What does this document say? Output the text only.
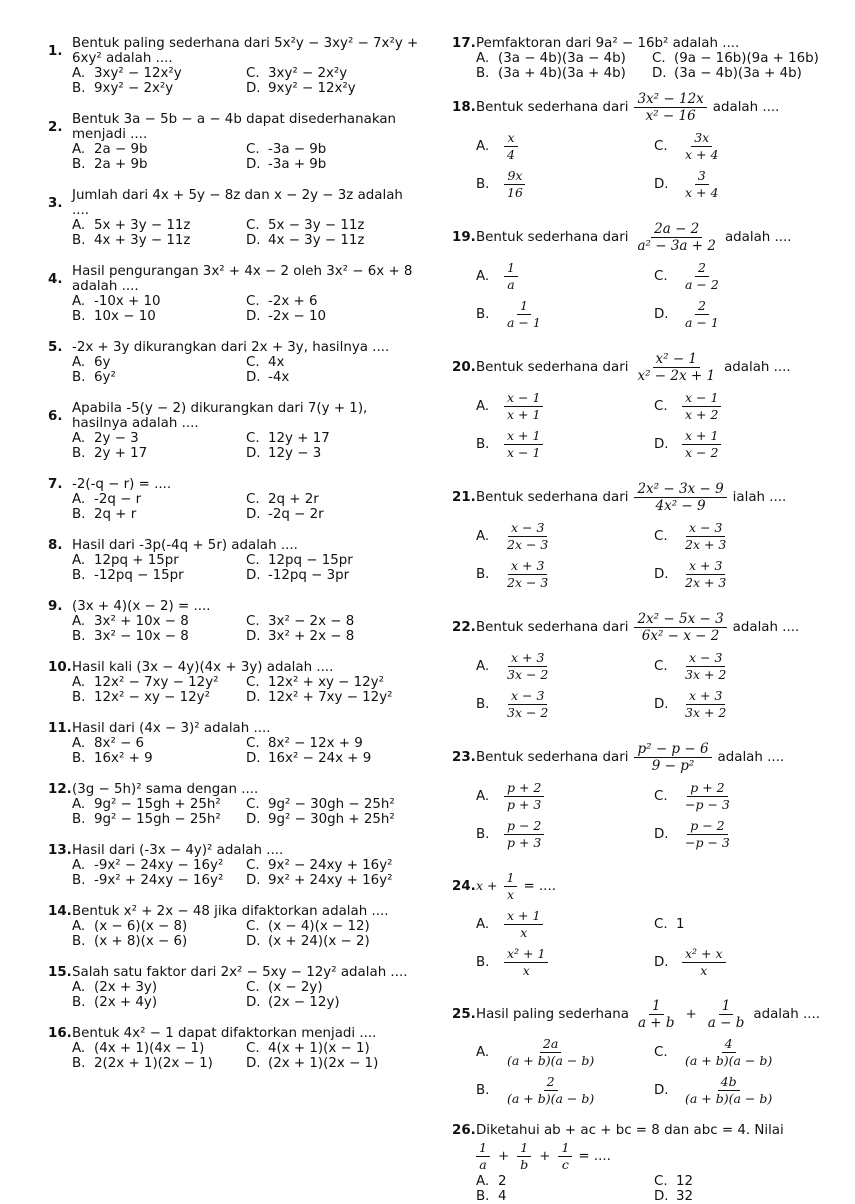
1. Bentuk paling sederhana dari 5x²y − 3xy² − 7x²y + 6xy² adalah ....
A. 3xy² − 12x²y	C. 3xy² − 2x²y
B. 9xy² − 2x²y	D. 9xy² − 12x²y
2. Bentuk 3a − 5b − a − 4b dapat disederhanakan menjadi ....
A. 2a − 9b	C. -3a − 9b
B. 2a + 9b	D. -3a + 9b
3. Jumlah dari 4x + 5y − 8z dan x − 2y − 3z adalah ....
A. 5x + 3y − 11z	C. 5x − 3y − 11z
B. 4x + 3y − 11z	D. 4x − 3y − 11z
4. Hasil pengurangan 3x² + 4x − 2 oleh 3x² − 6x + 8 adalah ....
A. -10x + 10	C. -2x + 6
B. 10x − 10	D. -2x − 10
5. -2x + 3y dikurangkan dari 2x + 3y, hasilnya ....
A. 6y	C. 4x
B. 6y²	D. -4x
6. Apabila -5(y − 2) dikurangkan dari 7(y + 1), hasilnya adalah ....
A. 2y − 3	C. 12y + 17
B. 2y + 17	D. 12y − 3
7. -2(-q − r) = ....
A. -2q − r	C. 2q + 2r
B. 2q + r	D. -2q − 2r
8. Hasil dari -3p(-4q + 5r) adalah ....
A. 12pq + 15pr	C. 12pq − 15pr
B. -12pq − 15pr	D. -12pq − 3pr
9. (3x + 4)(x − 2) = ....
A. 3x² + 10x − 8	C. 3x² − 2x − 8
B. 3x² − 10x − 8	D. 3x² + 2x − 8
10. Hasil kali (3x − 4y)(4x + 3y) adalah ....
A. 12x² − 7xy − 12y² C. 12x² + xy − 12y²
B. 12x² − xy − 12y²	D. 12x² + 7xy − 12y²
11. Hasil dari (4x − 3)² adalah ....
A. 8x² − 6	C. 8x² − 12x + 9
B. 16x² + 9	D. 16x² − 24x + 9
12. (3g − 5h)² sama dengan ....
A. 9g² − 15gh + 25h² C. 9g² − 30gh − 25h²
B. 9g² − 15gh − 25h² D. 9g² − 30gh + 25h²
13. Hasil dari (-3x − 4y)² adalah ....
A. -9x² − 24xy − 16y² C. 9x² − 24xy + 16y²
B. -9x² + 24xy − 16y² D. 9x² + 24xy + 16y²
14. Bentuk x² + 2x − 48 jika difaktorkan adalah ....
A. (x − 6)(x − 8)	C. (x − 4)(x − 12)
B. (x + 8)(x − 6)	D. (x + 24)(x − 2)
15. Salah satu faktor dari 2x² − 5xy − 12y² adalah ....
A. (2x + 3y)	C. (x − 2y)
B. (2x + 4y)	D. (2x − 12y)
16. Bentuk 4x² − 1 dapat difaktorkan menjadi ....
A. (4x + 1)(4x − 1)	C. 4(x + 1)(x − 1)
B. 2(2x + 1)(2x − 1) D. (2x + 1)(2x − 1)
17. Pemfaktoran dari 9a² − 16b² adalah ....
A. (3a − 4b)(3a − 4b) C. (9a − 16b)(9a + 16b)
B. (3a + 4b)(3a + 4b) D. (3a − 4b)(3a + 4b)
18. Bentuk sederhana dari $\frac{\text{3x² − 12x}}{\text{x² − 16}}$ adalah ....
A.	$\frac{x}{4}$	C.	$\frac{3x}{x + 4}$
B.	$\frac{9x}{16}$	D.	$\frac{3}{x + 4}$
19. Bentuk sederhana dari $\frac{2a - 2}{\text{a² − 3a + 2}}$ adalah ....
A.	$\frac{1}{a}$	C.	$\frac{2}{a - 2}$
B.	$\frac{1}{a - 1}$	D.	$\frac{2}{a - 1}$
20. Bentuk sederhana dari $\frac{\text{x² − 1}}{\text{x² − 2x + 1}}$ adalah ....
A.	$\frac{x - 1}{x + 1}$	C.	$\frac{x - 1}{x + 2}$
B.	$\frac{x + 1}{x - 1}$	D.	$\frac{x + 1}{x - 2}$
21. Bentuk sederhana dari $\frac{\text{2x² − 3x − 9}}{\text{4x² − 9}}$ ialah ....
A.	$\frac{x - 3}{2x - 3}$	C.	$\frac{x - 3}{2x + 3}$
B.	$\frac{x + 3}{2x - 3}$	D.	$\frac{x + 3}{2x + 3}$
22. Bentuk sederhana dari $\frac{\text{2x² − 5x − 3}}{\text{6x² − x − 2}}$ adalah ....
A.	$\frac{x + 3}{3x - 2}$	C.	$\frac{x - 3}{3x + 2}$
B.	$\frac{x - 3}{3x - 2}$	D.	$\frac{x + 3}{3x + 2}$
23. Bentuk sederhana dari $\frac{\text{p² − p − 6}}{\text{9 − p²}}$ adalah ....
A.	$\frac{p + 2}{p + 3}$	C.	$\frac{p + 2}{-p - 3}$
B.	$\frac{p - 2}{p + 3}$	D.	$\frac{p - 2}{-p - 3}$
24. $x + \frac{1}{x}$ = ....
A.	$\frac{x + 1}{x}$	C. 1
B.	$\frac{\text{x² + 1}}{x}$	D.	$\frac{\text{x² + x}}{x}$
25. Hasil paling sederhana $\frac{1}{a + b} + \frac{1}{a - b}$ adalah ....
A.	$\frac{2a}{(a + b)(a - b)}$	C.	$\frac{4}{(a + b)(a - b)}$
B.	$\frac{2}{(a + b)(a - b)}$	D.	$\frac{4b}{(a + b)(a - b)}$
26. Diketahui ab + ac + bc = 8 dan abc = 4. Nilai
$\frac{1}{a} + \frac{1}{b} + \frac{1}{c}$ = ....
A. 2	C. 12
B. 4	D. 32
